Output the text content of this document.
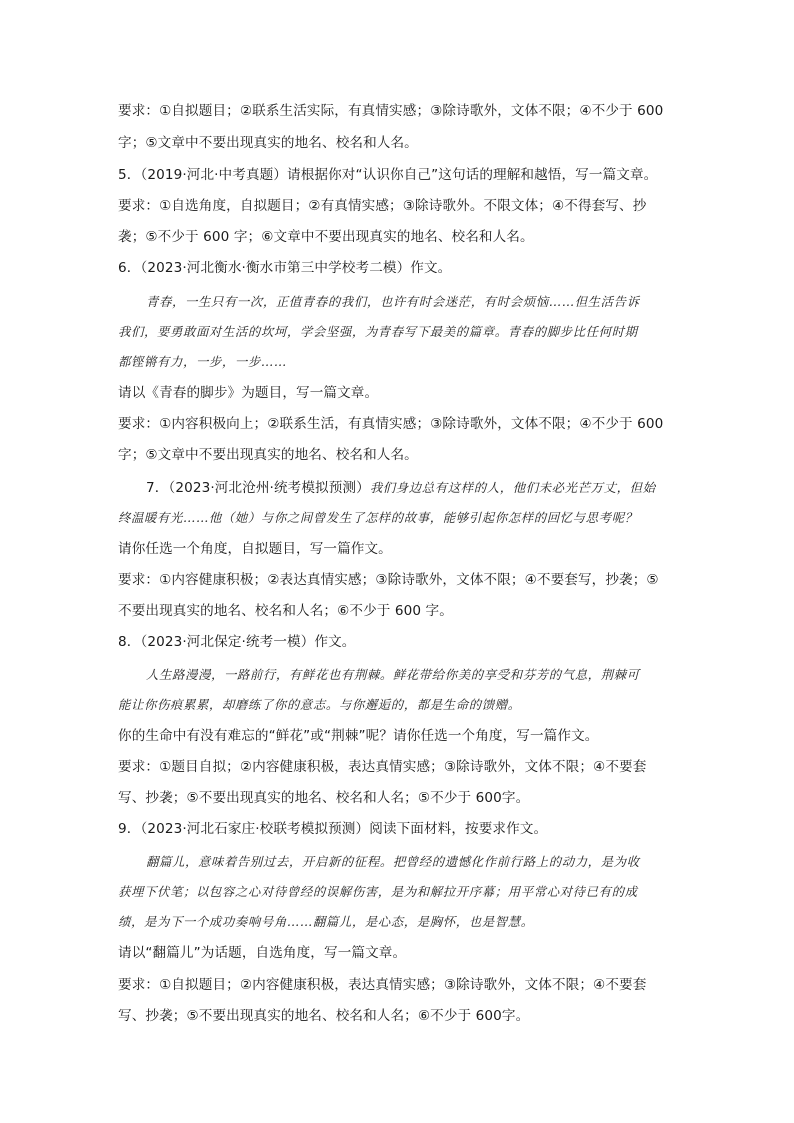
要求：①自拟题目；②联系生活实际，有真情实感；③除诗歌外，文体不限；④不少于 600
字；⑤文章中不要出现真实的地名、校名和人名。
5．（2019·河北·中考真题）请根据你对“认识你自己”这句话的理解和越悟，写一篇文章。
要求：①自选角度，自拟题目；②有真情实感；③除诗歌外。不限文体；④不得套写、抄
袭；⑤不少于 600 字；⑥文章中不要出现真实的地名、校名和人名。
6．（2023·河北衡水·衡水市第三中学校考二模）作文。
青春，一生只有一次，正值青春的我们，也许有时会迷茫，有时会烦恼……但生活告诉
我们，要勇敢面对生活的坎坷，学会坚强，为青春写下最美的篇章。青春的脚步比任何时期
都铿锵有力，一步，一步……
请以《青春的脚步》为题目，写一篇文章。
要求：①内容积极向上；②联系生活，有真情实感；③除诗歌外，文体不限；④不少于 600
字；⑤文章中不要出现真实的地名、校名和人名。
7．（2023·河北沧州·统考模拟预测）我们身边总有这样的人，他们未必光芒万丈，但始
终温暖有光……他（她）与你之间曾发生了怎样的故事，能够引起你怎样的回忆与思考呢？
请你任选一个角度，自拟题目，写一篇作文。
要求：①内容健康积极；②表达真情实感；③除诗歌外，文体不限；④不要套写，抄袭；⑤
不要出现真实的地名、校名和人名；⑥不少于 600 字。
8．（2023·河北保定·统考一模）作文。
人生路漫漫，一路前行，有鲜花也有荆棘。鲜花带给你美的享受和芬芳的气息，荆棘可
能让你伤痕累累，却磨练了你的意志。与你邂逅的，都是生命的馈赠。
你的生命中有没有难忘的“鲜花”或“荆棘”呢？请你任选一个角度，写一篇作文。
要求：①题目自拟；②内容健康积极，表达真情实感；③除诗歌外，文体不限；④不要套
写、抄袭；⑤不要出现真实的地名、校名和人名；⑤不少于 600字。
9．（2023·河北石家庄·校联考模拟预测）阅读下面材料，按要求作文。
翻篇儿，意味着告别过去，开启新的征程。把曾经的遗憾化作前行路上的动力，是为收
获埋下伏笔；以包容之心对待曾经的误解伤害，是为和解拉开序幕；用平常心对待已有的成
绩，是为下一个成功奏响号角……翻篇儿，是心态，是胸怀，也是智慧。
请以“翻篇儿”为话题，自选角度，写一篇文章。
要求：①自拟题目；②内容健康积极，表达真情实感；③除诗歌外，文体不限；④不要套
写、抄袭；⑤不要出现真实的地名、校名和人名；⑥不少于 600字。
